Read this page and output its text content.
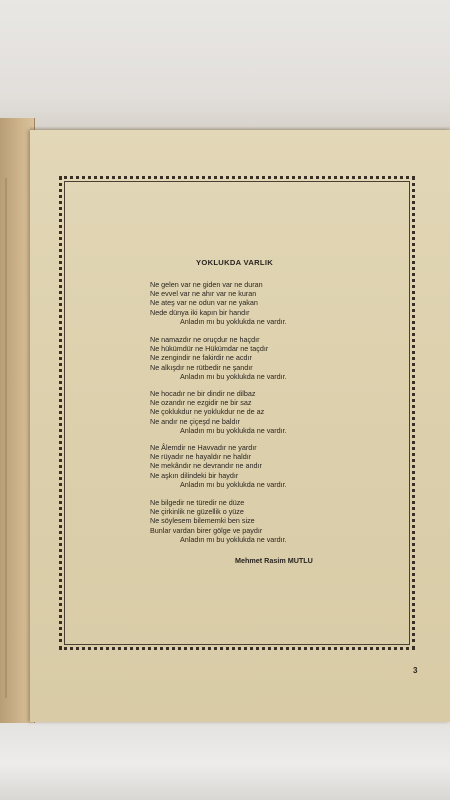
YOKLUKDA VARLIK
Ne gelen var ne giden var ne duran
Ne evvel var ne ahır var ne kuran
Ne ateş var ne odun var ne yakan
Nede dünya iki kapın bir handır
Anladın mı bu yoklukda ne vardır.
Ne namazdır ne oruçdur ne haçdır
Ne hükümdür ne Hükümdar ne taçdır
Ne zengindir ne fakirdir ne acdır
Ne alkışdır ne rütbedir ne şandır
Anladın mı bu yoklukda ne vardır.
Ne hocadır ne bir dindir ne dilbaz
Ne ozandır ne ezgidir ne bir saz
Ne çoklukdur ne yoklukdur ne de az
Ne andır ne çiçeşd ne baldır
Anladın mı bu yoklukda ne vardır.
Ne Âlemdir ne Havvadır ne yardır
Ne rüyadır ne hayaldır ne haldır
Ne mekândır ne devrandır ne andır
Ne aşkın dilindeki bir haydır
Anladın mı bu yoklukda ne vardır.
Ne bilgedir ne türedir ne düze
Ne çirkinlik ne güzellik o yüze
Ne söylesem bilememki ben size
Bunlar vardan birer gölge ve paydır
Anladın mı bu yoklukda ne vardır.
Mehmet Rasim MUTLU
3
